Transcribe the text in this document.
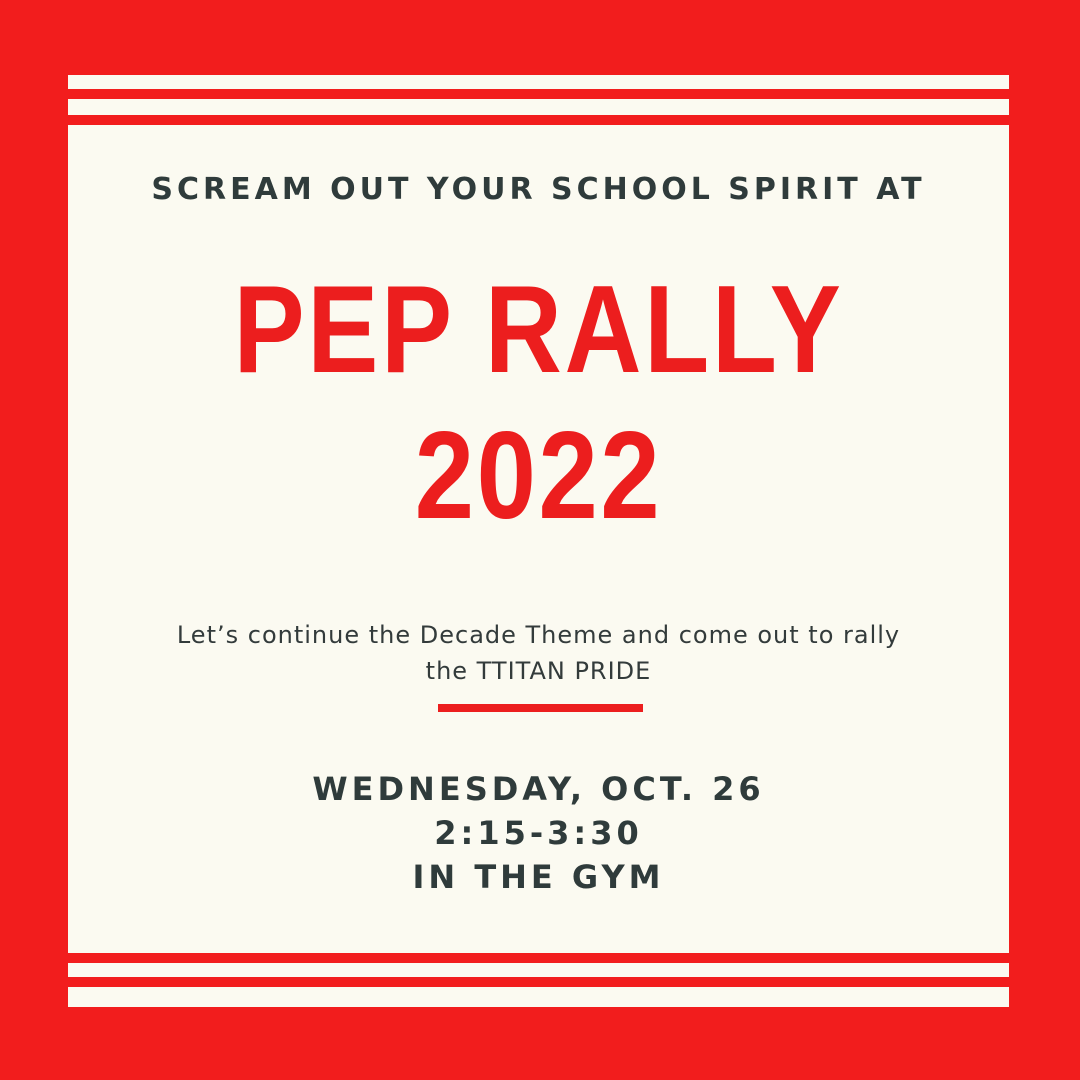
SCREAM OUT YOUR SCHOOL SPIRIT AT
PEP RALLY
2022
Let’s continue the Decade Theme and come out to rally
the TTITAN PRIDE
WEDNESDAY, OCT. 26
2:15-3:30
IN THE GYM
